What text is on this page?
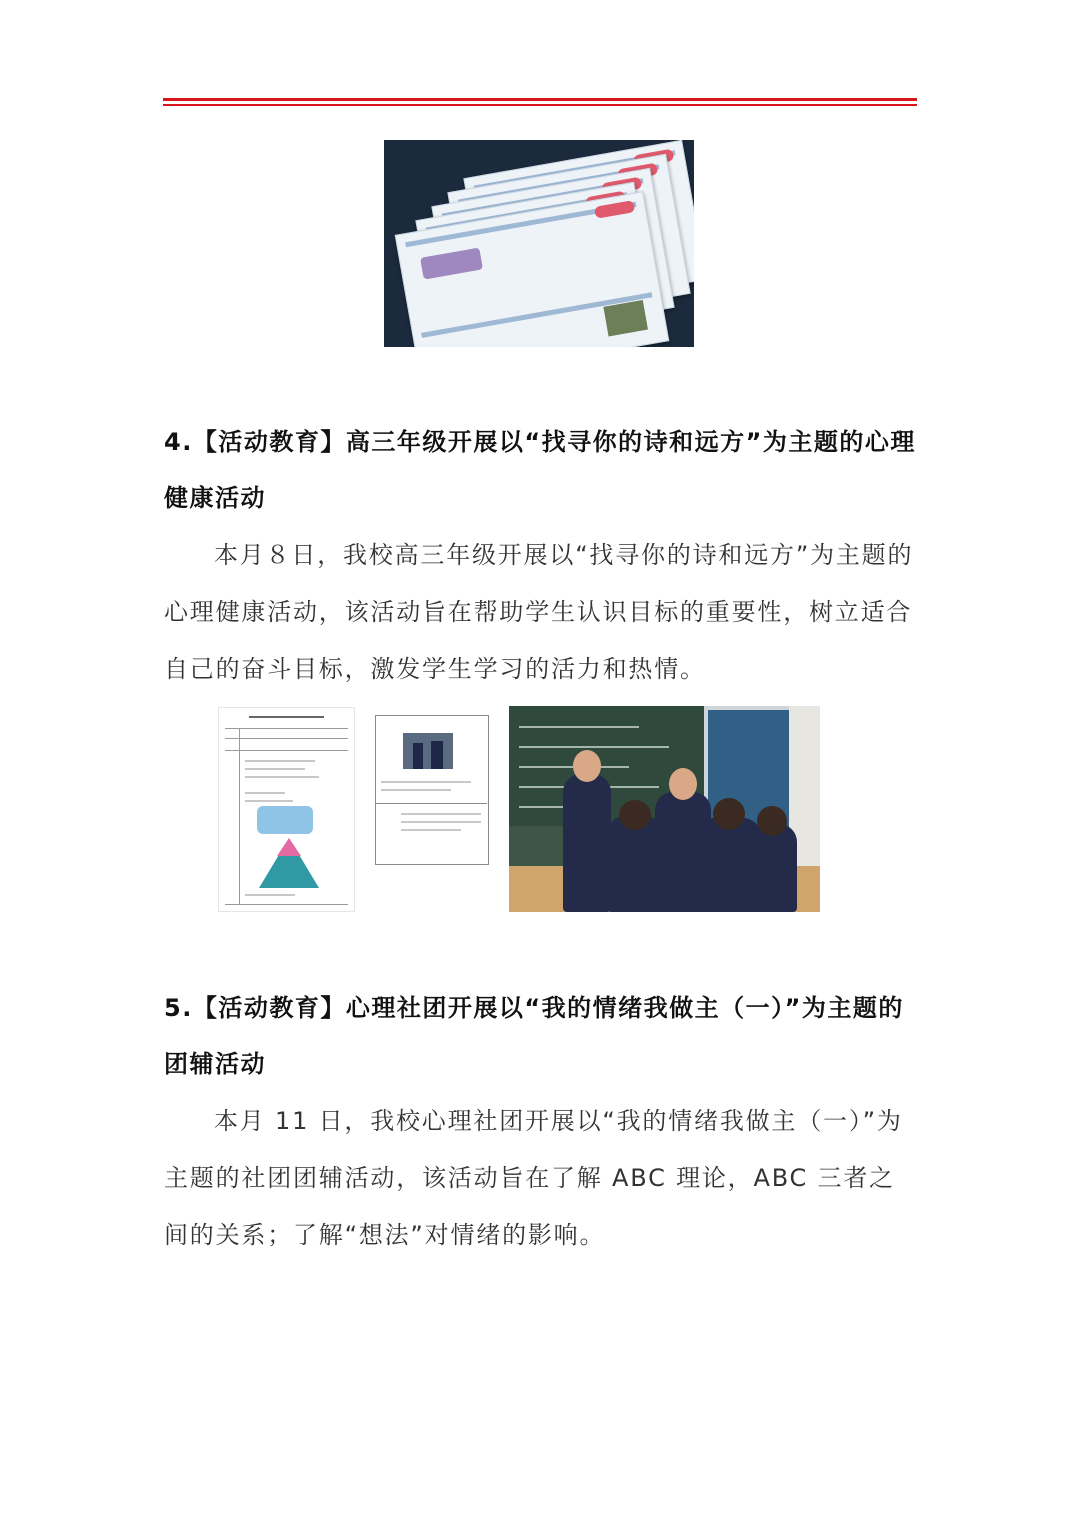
4.【活动教育】高三年级开展以“找寻你的诗和远方”为主题的心理健康活动
本月８日，我校高三年级开展以“找寻你的诗和远方”为主题的心理健康活动，该活动旨在帮助学生认识目标的重要性，树立适合自己的奋斗目标，激发学生学习的活力和热情。
5.【活动教育】心理社团开展以“我的情绪我做主（一）”为主题的团辅活动
本月 11 日，我校心理社团开展以“我的情绪我做主（一）”为主题的社团团辅活动，该活动旨在了解 ABC 理论，ABC 三者之间的关系；了解“想法”对情绪的影响。
